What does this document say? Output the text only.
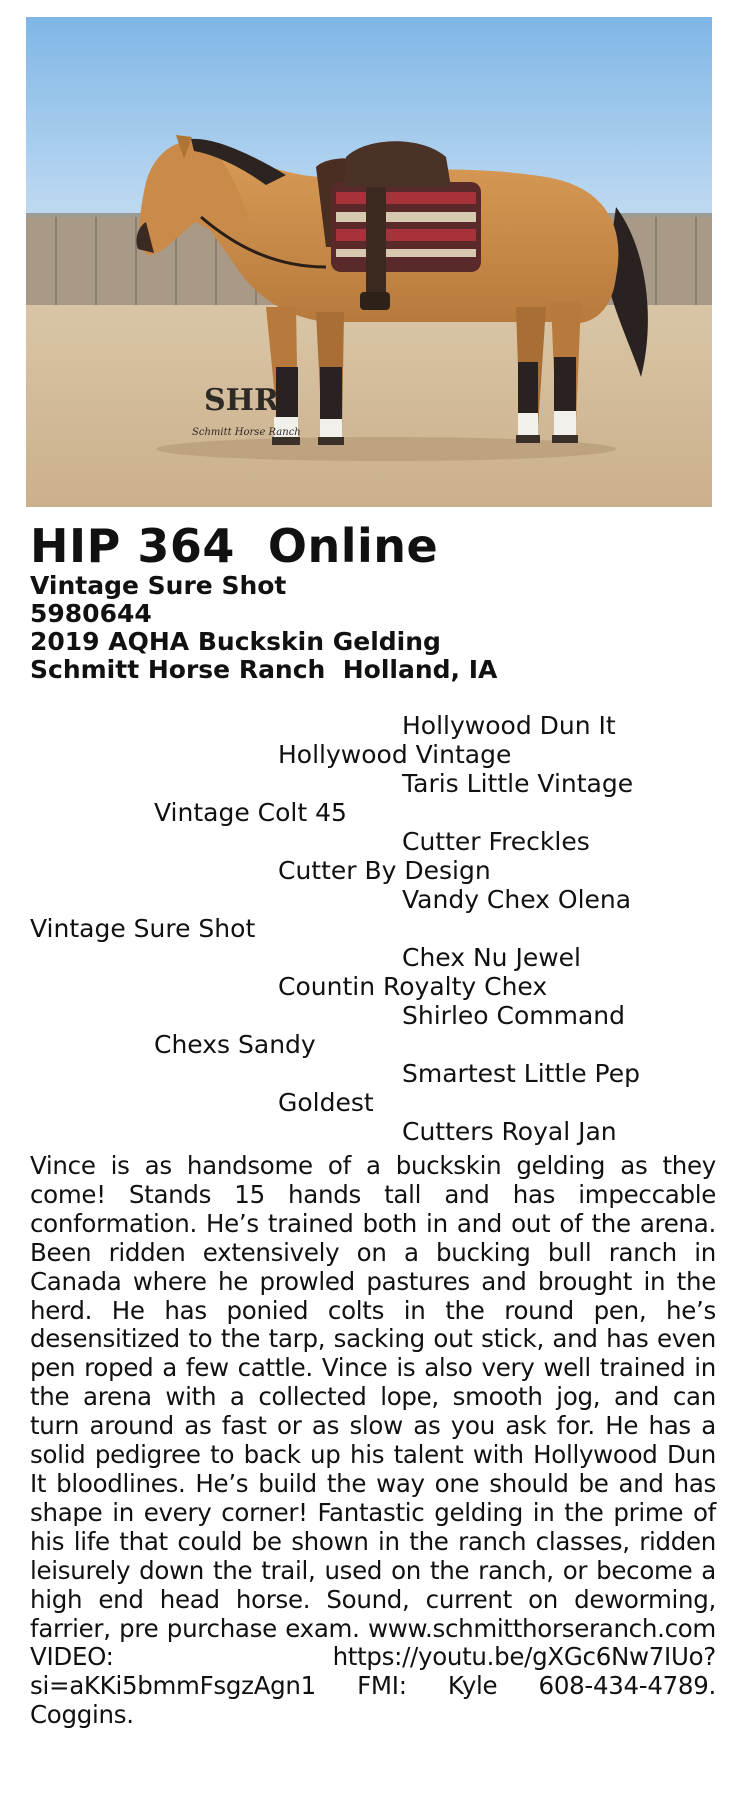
SHR
Schmitt Horse Ranch

HIP 364  Online

Vintage Sure Shot

5980644

2019 AQHA Buckskin Gelding

Schmitt Horse Ranch  Holland, IA

Hollywood Dun It
Hollywood Vintage
Taris Little Vintage
Vintage Colt 45
Cutter Freckles
Cutter By Design
Vandy Chex Olena
Vintage Sure Shot
Chex Nu Jewel
Countin Royalty Chex
Shirleo Command
Chexs Sandy
Smartest Little Pep
Goldest
Cutters Royal Jan
Vince is as handsome of a buckskin gelding as they come! Stands 15 hands tall and has impeccable conformation. He’s trained both in and out of the arena. Been ridden extensively on a bucking bull ranch in Canada where he prowled pastures and brought in the herd. He has ponied colts in the round pen, he’s desensitized to the tarp, sacking out stick, and has even pen roped a few cattle. Vince is also very well trained in the arena with a collected lope, smooth jog, and can turn around as fast or as slow as you ask for. He has a solid pedigree to back up his talent with Hollywood Dun It bloodlines. He’s build the way one should be and has shape in every corner! Fantastic gelding in the prime of his life that could be shown in the ranch classes, ridden leisurely down the trail, used on the ranch, or become a high end head horse. Sound, current on deworming, farrier, pre purchase exam. www.schmitthorseranch.com VIDEO: https://youtu.be/gXGc6Nw7IUo?si=aKKi5bmmFsgzAgn1 FMI: Kyle 608-434-4789. Coggins.
